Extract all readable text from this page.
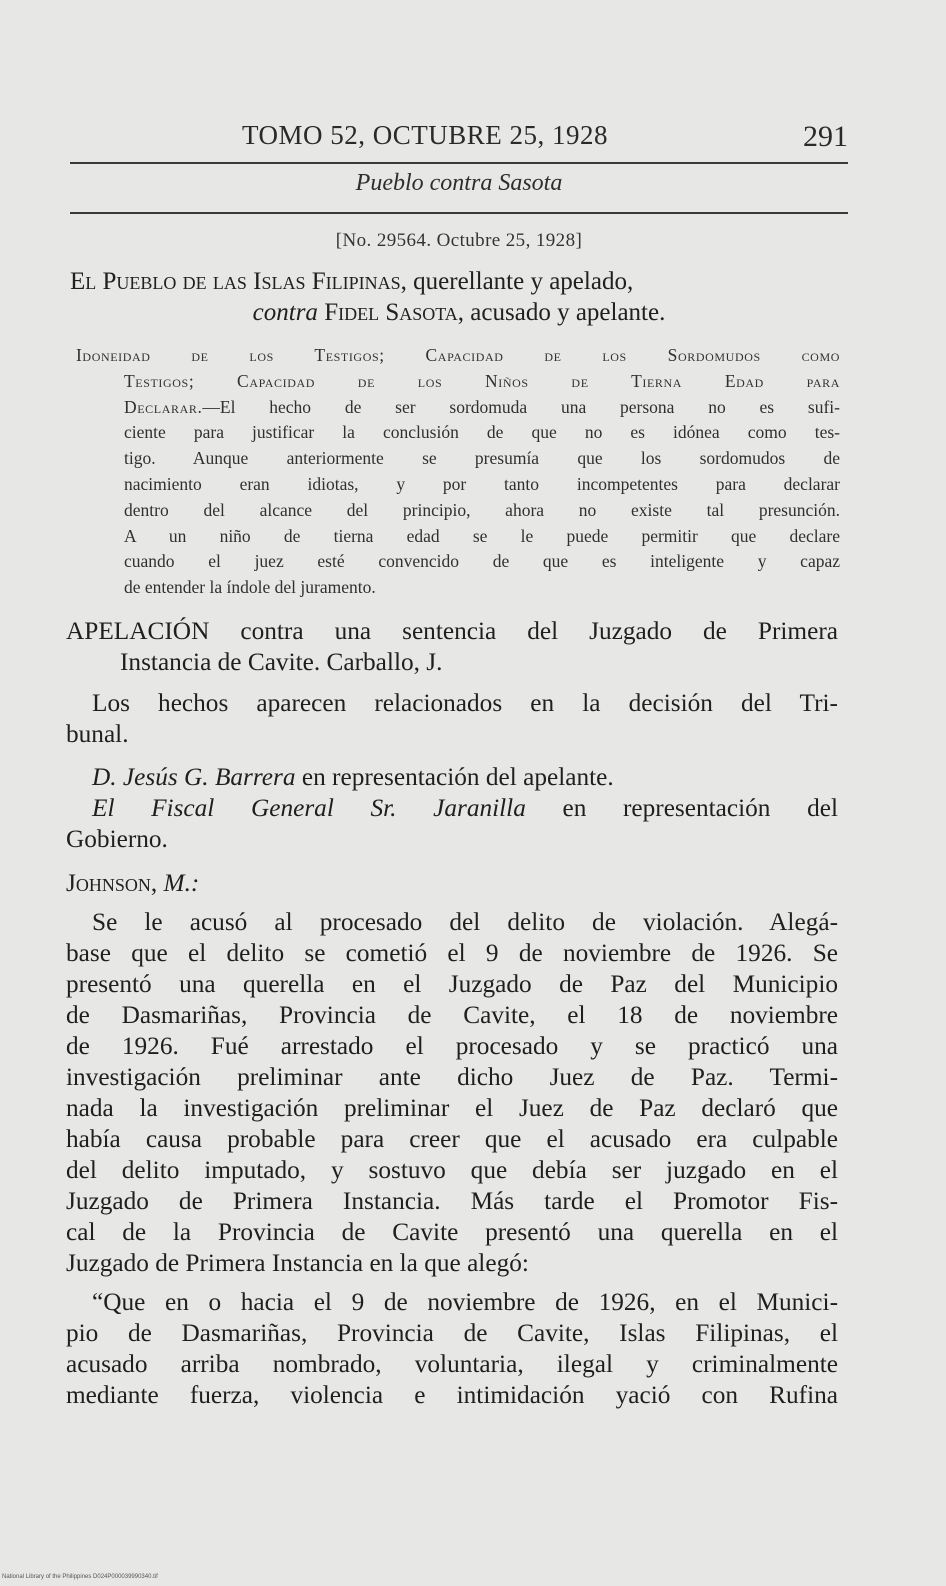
TOMO 52, OCTUBRE 25, 1928	291
Pueblo contra Sasota
[No. 29564. Octubre 25, 1928]
El Pueblo de las Islas Filipinas, querellante y apelado,
contra Fidel Sasota, acusado y apelante.
Idoneidad de los Testigos; Capacidad de los Sordomudos como
Testigos; Capacidad de los Niños de Tierna Edad para
Declarar.—El hecho de ser sordomuda una persona no es sufi-
ciente para justificar la conclusión de que no es idónea como tes-
tigo. Aunque anteriormente se presumía que los sordomudos de
nacimiento eran idiotas, y por tanto incompetentes para declarar
dentro del alcance del principio, ahora no existe tal presunción.
A un niño de tierna edad se le puede permitir que declare
cuando el juez esté convencido de que es inteligente y capaz
de entender la índole del juramento.
APELACIÓN contra una sentencia del Juzgado de Primera
Instancia de Cavite. Carballo, J.
Los hechos aparecen relacionados en la decisión del Tri-
bunal.
D. Jesús G. Barrera en representación del apelante.
El Fiscal General Sr. Jaranilla en representación del
Gobierno.
Johnson, M.:
Se le acusó al procesado del delito de violación. Alegá-
base que el delito se cometió el 9 de noviembre de 1926. Se
presentó una querella en el Juzgado de Paz del Municipio
de Dasmariñas, Provincia de Cavite, el 18 de noviembre
de 1926. Fué arrestado el procesado y se practicó una
investigación preliminar ante dicho Juez de Paz. Termi-
nada la investigación preliminar el Juez de Paz declaró que
había causa probable para creer que el acusado era culpable
del delito imputado, y sostuvo que debía ser juzgado en el
Juzgado de Primera Instancia. Más tarde el Promotor Fis-
cal de la Provincia de Cavite presentó una querella en el
Juzgado de Primera Instancia en la que alegó:
“Que en o hacia el 9 de noviembre de 1926, en el Munici-
pio de Dasmariñas, Provincia de Cavite, Islas Filipinas, el
acusado arriba nombrado, voluntaria, ilegal y criminalmente
mediante fuerza, violencia e intimidación yació con Rufina
National Library of the Philippines D024P000039990340.tif
